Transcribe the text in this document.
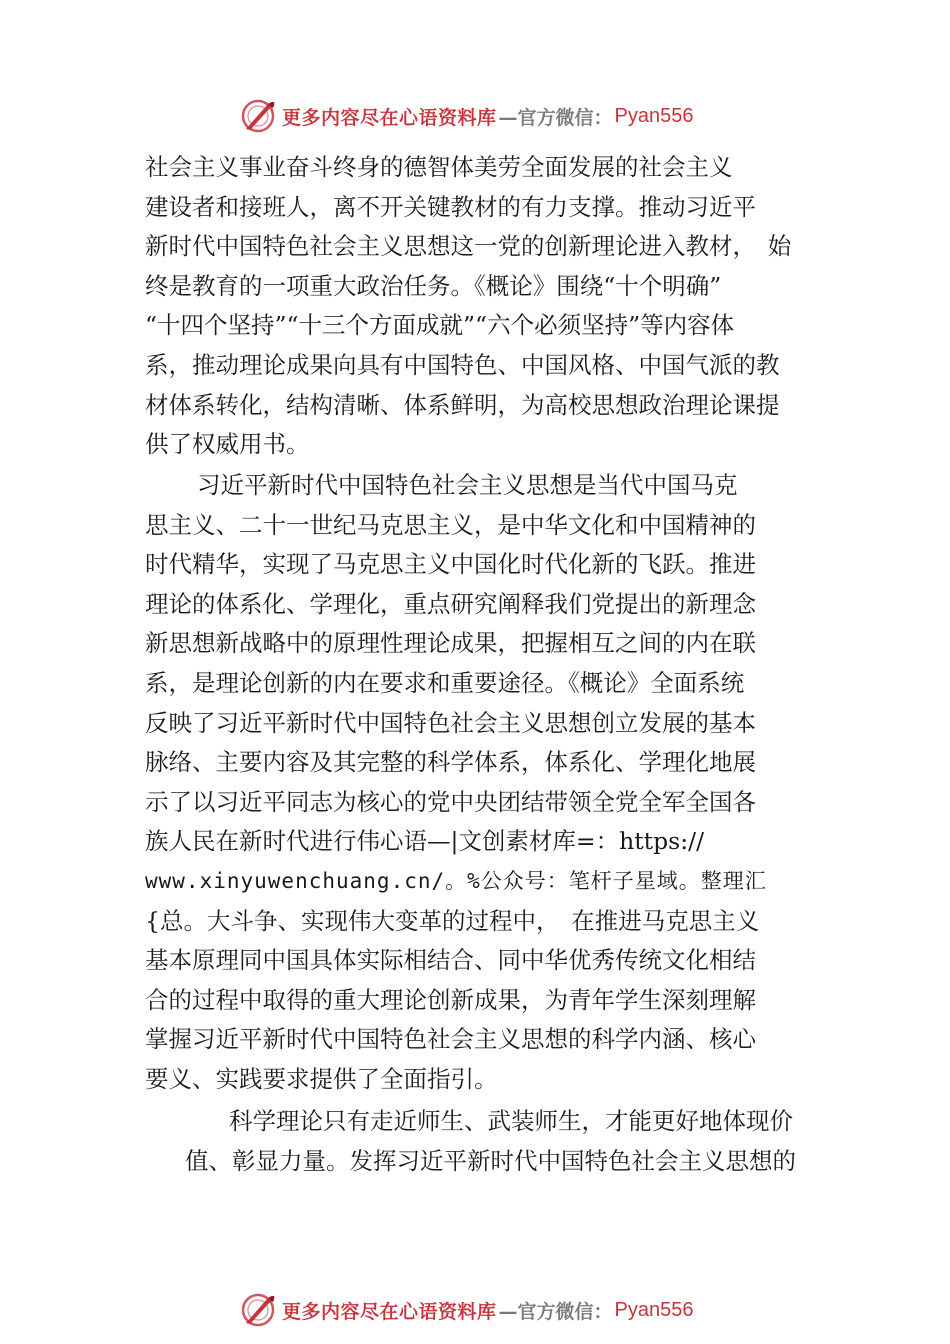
更多内容尽在心语资料库 —官方微信： Pyan556
社会主义事业奋斗终身的德智体美劳全面发展的社会主义
建设者和接班人，离不开关键教材的有力支撑。推动习近平
新时代中国特色社会主义思想这一党的创新理论进入教材，　始
终是教育的一项重大政治任务。《概论》围绕“十个明确”
“十四个坚持”“十三个方面成就”“六个必须坚持”等内容体
系，推动理论成果向具有中国特色、中国风格、中国气派的教
材体系转化，结构清晰、体系鲜明，为高校思想政治理论课提
供了权威用书。
习近平新时代中国特色社会主义思想是当代中国马克
思主义、二十一世纪马克思主义，是中华文化和中国精神的
时代精华，实现了马克思主义中国化时代化新的飞跃。推进
理论的体系化、学理化，重点研究阐释我们党提出的新理念
新思想新战略中的原理性理论成果，把握相互之间的内在联
系，是理论创新的内在要求和重要途径。《概论》全面系统
反映了习近平新时代中国特色社会主义思想创立发展的基本
脉络、主要内容及其完整的科学体系，体系化、学理化地展
示了以习近平同志为核心的党中央团结带领全党全军全国各
族人民在新时代进行伟心语—|文创素材库=：https://
www.xinyuwenchuang.cn/。%公众号：笔杆子星域。整理汇
{总。大斗争、实现伟大变革的过程中，　在推进马克思主义
基本原理同中国具体实际相结合、同中华优秀传统文化相结
合的过程中取得的重大理论创新成果，为青年学生深刻理解
掌握习近平新时代中国特色社会主义思想的科学内涵、核心
要义、实践要求提供了全面指引。
科学理论只有走近师生、武装师生，才能更好地体现价
值、彰显力量。发挥习近平新时代中国特色社会主义思想的
更多内容尽在心语资料库 —官方微信： Pyan556
